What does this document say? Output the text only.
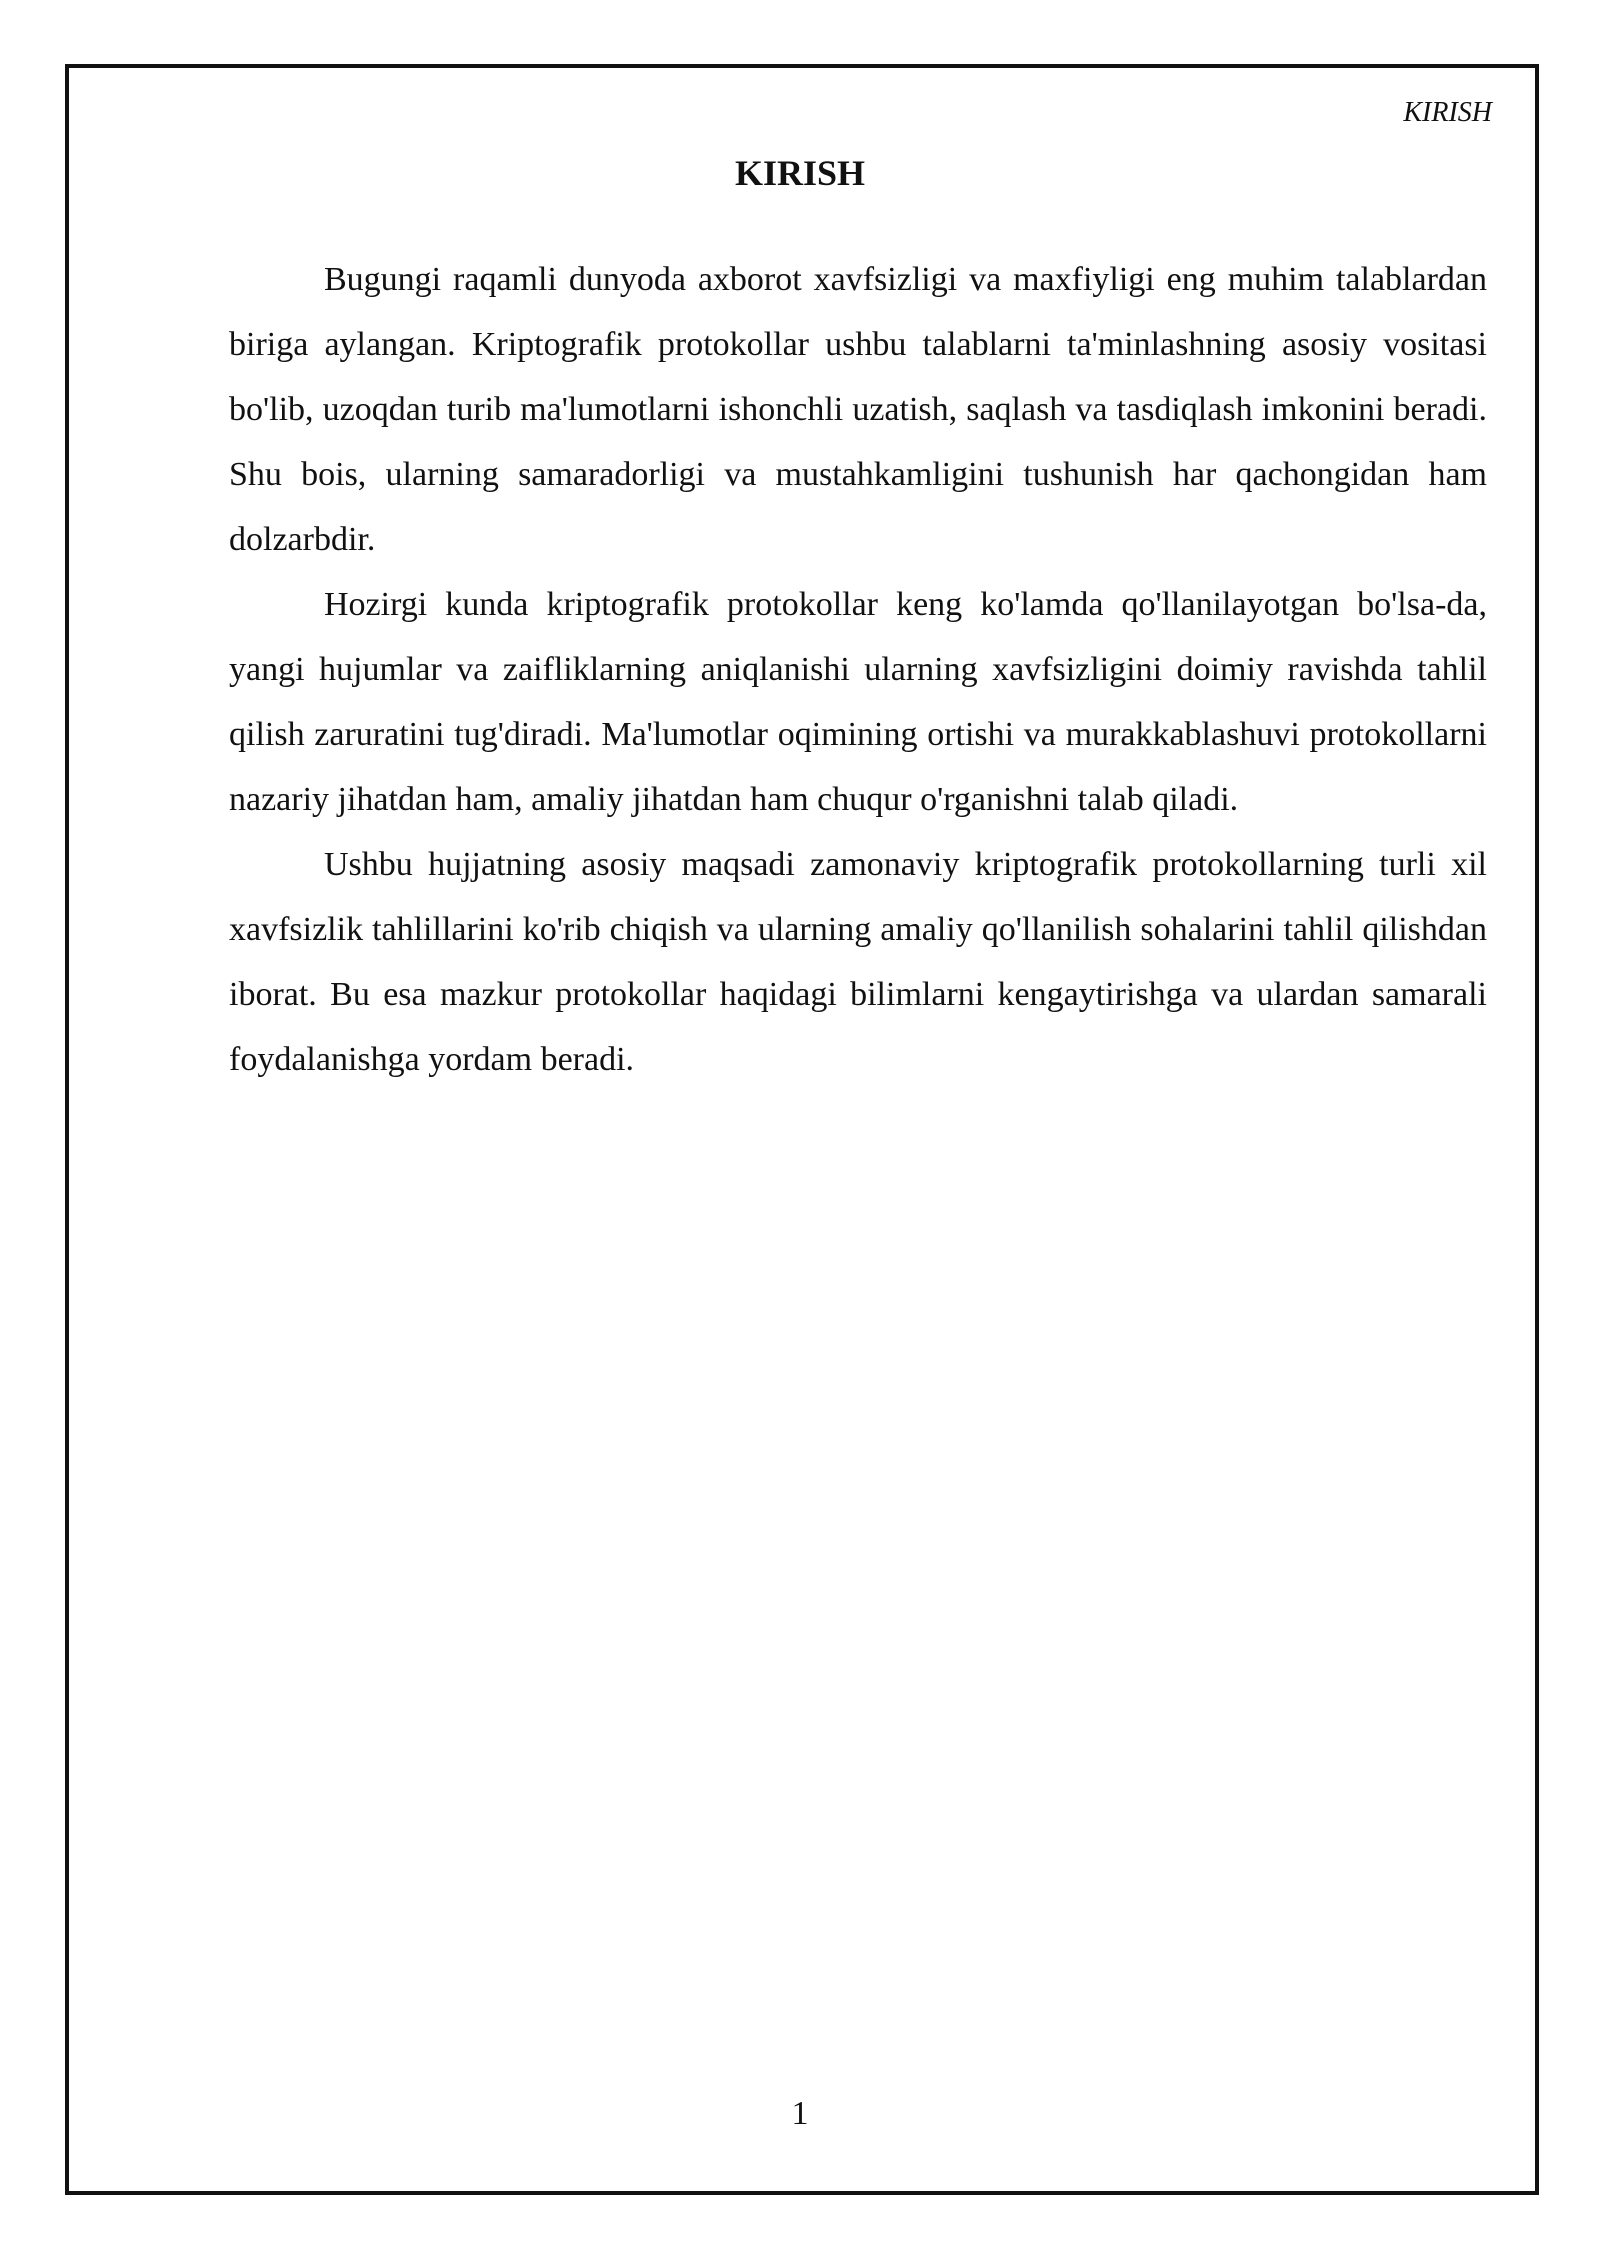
KIRISH
KIRISH

Bugungi raqamli dunyoda axborot xavfsizligi va maxfiyligi eng muhim talablardan biriga aylangan. Kriptografik protokollar ushbu talablarni ta'minlashning asosiy vositasi bo'lib, uzoqdan turib ma'lumotlarni ishonchli uzatish, saqlash va tasdiqlash imkonini beradi. Shu bois, ularning samaradorligi va mustahkamligini tushunish har qachongidan ham dolzarbdir.

Hozirgi kunda kriptografik protokollar keng ko'lamda qo'llanilayotgan bo'lsa-da, yangi hujumlar va zaifliklarning aniqlanishi ularning xavfsizligini doimiy ravishda tahlil qilish zaruratini tug'diradi. Ma'lumotlar oqimining ortishi va murakkablashuvi protokollarni nazariy jihatdan ham, amaliy jihatdan ham chuqur o'rganishni talab qiladi.

Ushbu hujjatning asosiy maqsadi zamonaviy kriptografik protokollarning turli xil xavfsizlik tahlillarini ko'rib chiqish va ularning amaliy qo'llanilish sohalarini tahlil qilishdan iborat. Bu esa mazkur protokollar haqidagi bilimlarni kengaytirishga va ulardan samarali foydalanishga yordam beradi.

1
